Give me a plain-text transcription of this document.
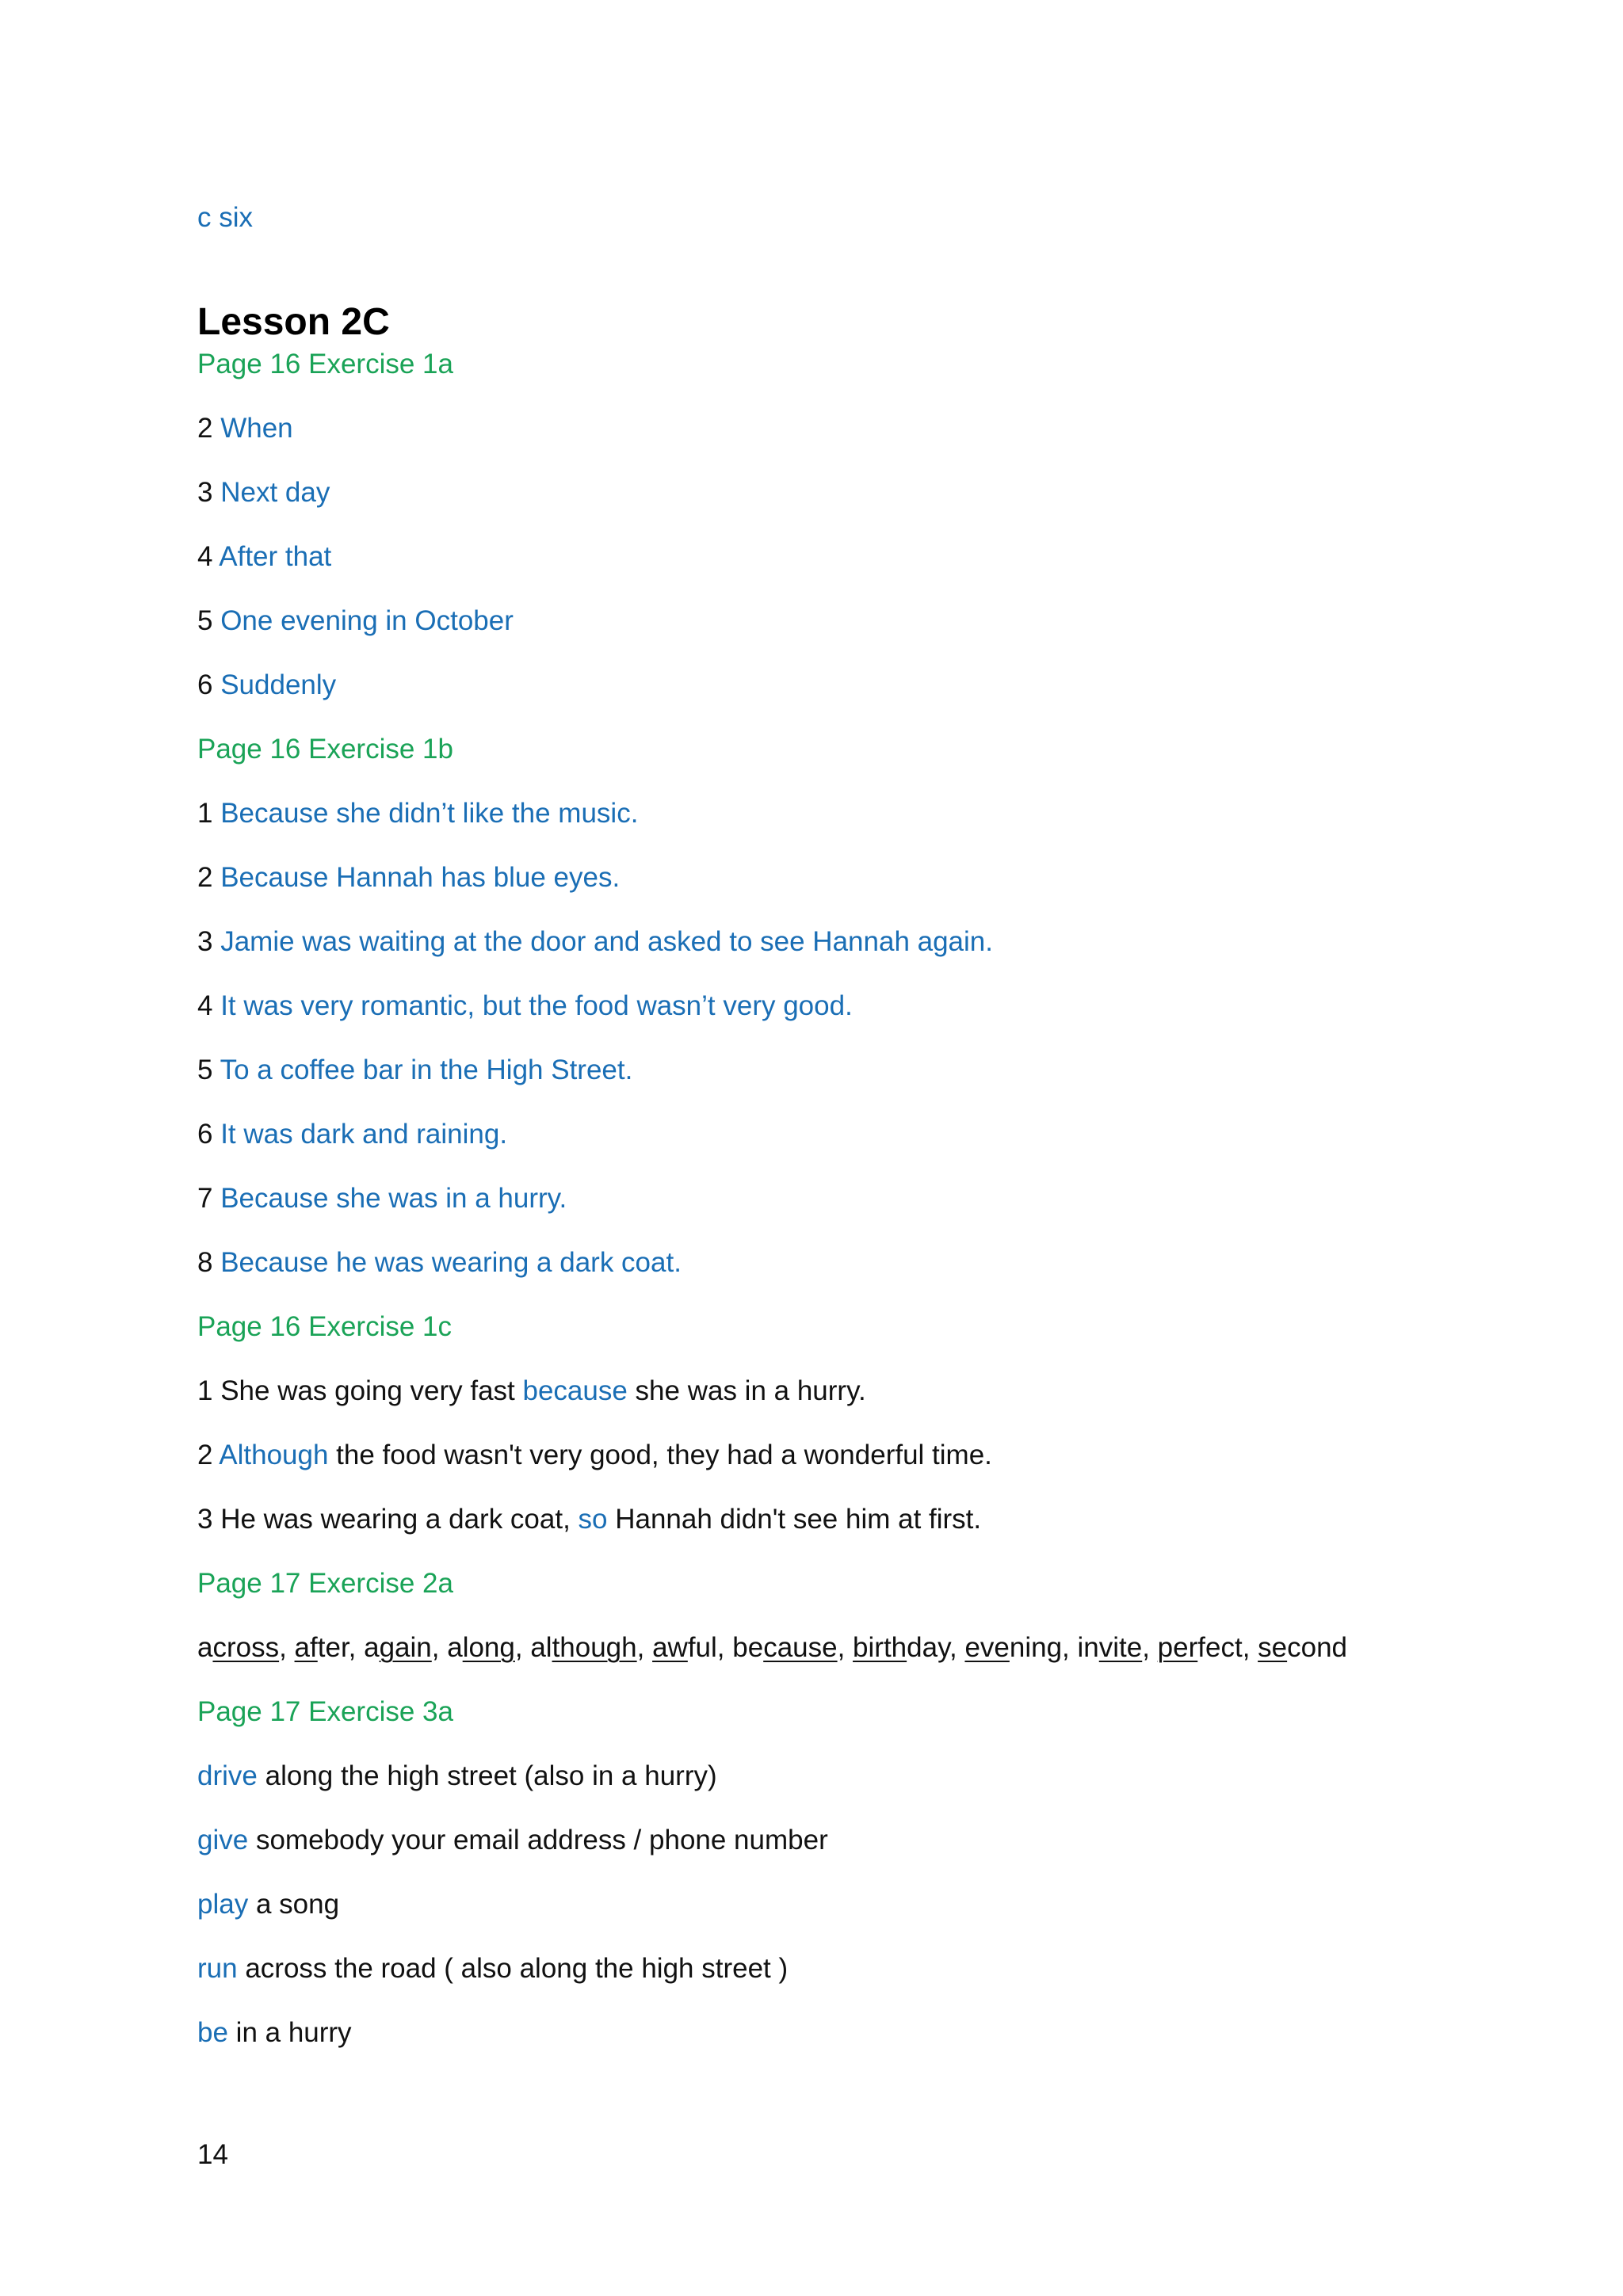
c six
Lesson 2C
Page 16 Exercise 1a
2 When
3 Next day
4 After that
5 One evening in October
6 Suddenly
Page 16 Exercise 1b
1 Because she didn’t like the music.
2 Because Hannah has blue eyes.
3 Jamie was waiting at the door and asked to see Hannah again.
4 It was very romantic, but the food wasn’t very good.
5 To a coffee bar in the High Street.
6 It was dark and raining.
7 Because she was in a hurry.
8 Because he was wearing a dark coat.
Page 16 Exercise 1c
1 She was going very fast because she was in a hurry.
2 Although the food wasn't very good, they had a wonderful time.
3 He was wearing a dark coat, so Hannah didn't see him at first.
Page 17 Exercise 2a
across, after, again, along, although, awful, because, birthday, evening, invite, perfect, second
Page 17 Exercise 3a
drive along the high street (also in a hurry)
give somebody your email address / phone number
play a song
run across the road ( also along the high street )
be in a hurry
14
